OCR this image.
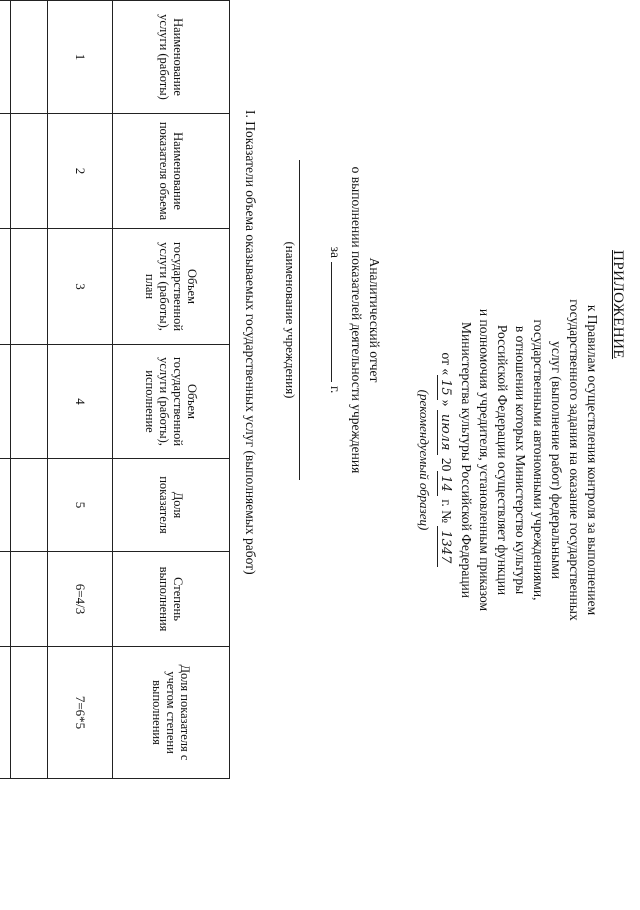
ПРИЛОЖЕНИЕ
к Правилам осуществления контроля за выполнением
государственного задания на оказание государственных
услуг (выполнение работ) федеральными
государственными автономными учреждениями,
в отношении которых Министерство культуры
Российской Федерации осуществляет функции
и полномочия учредителя, установленным приказом
Министерства культуры Российской Федерации
от «15» июля 2014 г. № 1347
(рекомендуемый образец)
Аналитический отчет
о выполнении показателей деятельности учреждения
заг.
(наименование учреждения)
I. Показатели объема оказываемых государственных услуг (выполняемых работ)
Наименование услуги (работы)	Наименование показателя объема	Объем государственной услуги (работы), план	Объем государственной услуги (работы), исполнение	Доля показателя	Степень выполнения	Доля показателя с учетом степени выполнения
1	2	3	4	5	6=4/3	7=6*5
